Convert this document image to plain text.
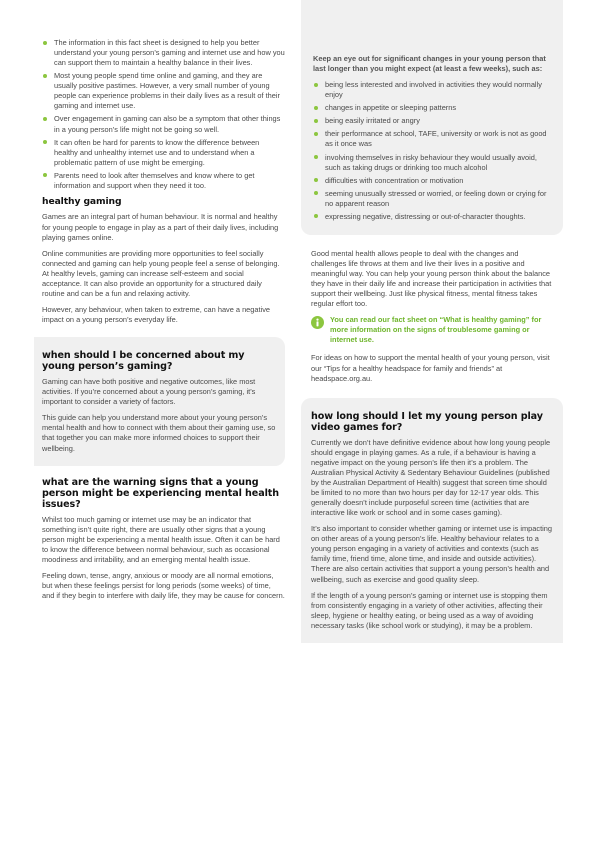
The information in this fact sheet is designed to help you better understand your young person’s gaming and internet use and how you can support them to maintain a healthy balance in their lives.
Most young people spend time online and gaming, and they are usually positive pastimes. However, a very small number of young people can experience problems in their daily lives as a result of their gaming and internet use.
Over engagement in gaming can also be a symptom that other things in a young person’s life might not be going so well.
It can often be hard for parents to know the difference between healthy and unhealthy internet use and to understand when a problematic pattern of use might be emerging.
Parents need to look after themselves and know where to get information and support when they need it too.
healthy gaming

Games are an integral part of human behaviour. It is normal and healthy for young people to engage in play as a part of their daily lives, including playing games online.

Online communities are providing more opportunities to feel socially connected and gaming can help young people feel a sense of belonging. At healthy levels, gaming can increase self-esteem and social acceptance. It can also provide an opportunity for a structured daily routine and can be a fun and relaxing activity.

However, any behaviour, when taken to extreme, can have a negative impact on a young person’s everyday life.

when should I be concerned about my young person’s gaming?

Gaming can have both positive and negative outcomes, like most activities. If you’re concerned about a young person’s gaming, it’s important to consider a variety of factors.

This guide can help you understand more about your young person’s mental health and how to connect with them about their gaming use, so that together you can make more informed choices to support their wellbeing.

what are the warning signs that a young person might be experiencing mental health issues?

Whilst too much gaming or internet use may be an indicator that something isn’t quite right, there are usually other signs that a young person might be experiencing a mental health issue. Often it can be hard to know the difference between normal behaviour, such as occasional moodiness and irritability, and an emerging mental health issue.

Feeling down, tense, angry, anxious or moody are all normal emotions, but when these feelings persist for long periods (some weeks) of time, and if they begin to interfere with daily life, they may be cause for concern.

Keep an eye out for significant changes in your young person that last longer than you might expect (at least a few weeks), such as:

being less interested and involved in activities they would normally enjoy
changes in appetite or sleeping patterns
being easily irritated or angry
their performance at school, TAFE, university or work is not as good as it once was
involving themselves in risky behaviour they would usually avoid, such as taking drugs or drinking too much alcohol
difficulties with concentration or motivation
seeming unusually stressed or worried, or feeling down or crying for no apparent reason
expressing negative, distressing or out-of-character thoughts.

Good mental health allows people to deal with the changes and challenges life throws at them and live their lives in a positive and meaningful way. You can help your young person think about the balance they have in their daily life and increase their participation in activities that support their wellbeing. Just like physical fitness, mental fitness takes regular effort too.

You can read our fact sheet on “What is healthy gaming” for more information on the signs of troublesome gaming or internet use.

For ideas on how to support the mental health of your young person, visit our “Tips for a healthy headspace for family and friends” at headspace.org.au.

how long should I let my young person play video games for?

Currently we don’t have definitive evidence about how long young people should engage in playing games. As a rule, if a behaviour is having a negative impact on the young person’s life then it’s a problem. The Australian Physical Activity & Sedentary Behaviour Guidelines (published by the Australian Department of Health) suggest that screen time should be limited to no more than two hours per day for 12-17 year olds. This generally doesn’t include purposeful screen time (activities that are interactive like work or school and in some cases gaming).

It’s also important to consider whether gaming or internet use is impacting on other areas of a young person’s life. Healthy behaviour relates to a young person engaging in a variety of activities and contexts (such as family time, friend time, alone time, and inside and outside activities). There are also certain activities that support a young person’s health and wellbeing, such as exercise and good quality sleep.

If the length of a young person’s gaming or internet use is stopping them from consistently engaging in a variety of other activities, affecting their sleep, hygiene or healthy eating, or being used as a way of avoiding necessary tasks (like school work or studying), it may be a problem.
